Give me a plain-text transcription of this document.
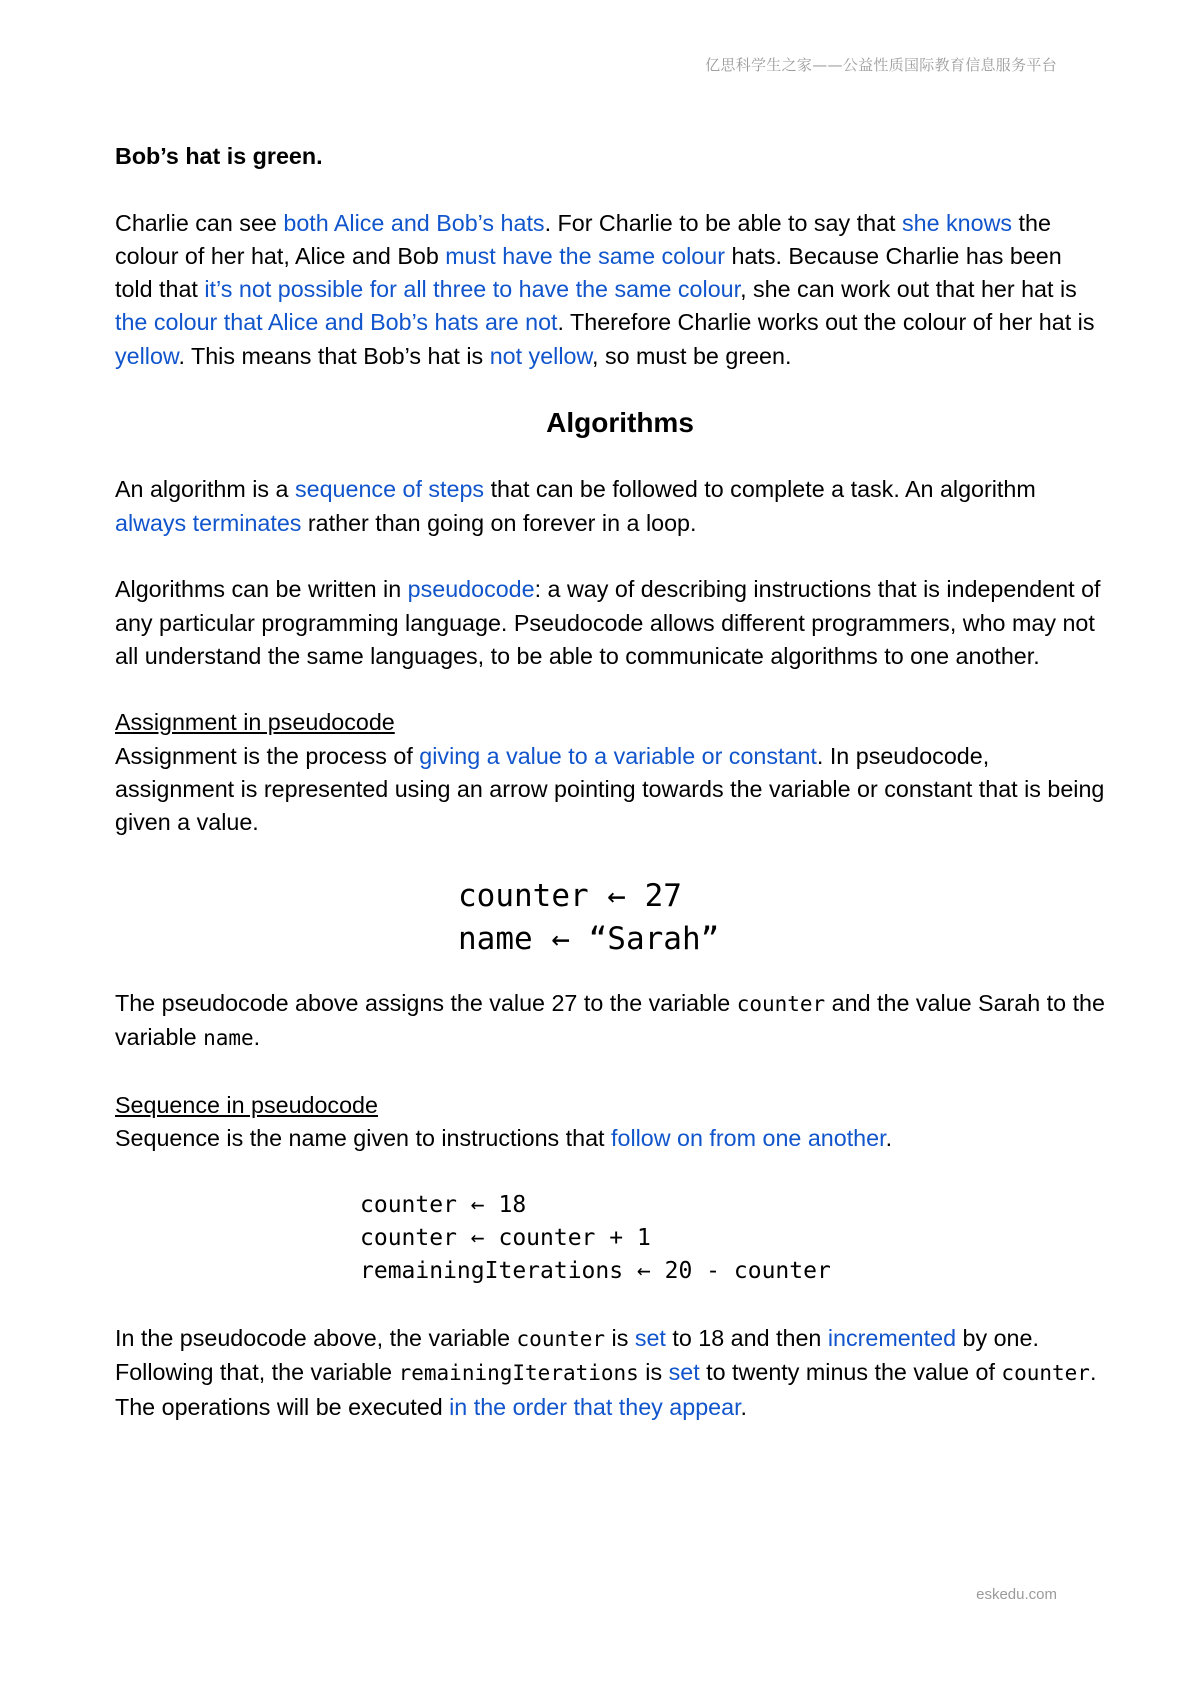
亿思科学生之家——公益性质国际教育信息服务平台

Bob’s hat is green.

Charlie can see both Alice and Bob’s hats. For Charlie to be able to say that she knows the colour of her hat, Alice and Bob must have the same colour hats. Because Charlie has been told that it’s not possible for all three to have the same colour, she can work out that her hat is the colour that Alice and Bob’s hats are not. Therefore Charlie works out the colour of her hat is yellow. This means that Bob’s hat is not yellow, so must be green.

Algorithms

An algorithm is a sequence of steps that can be followed to complete a task. An algorithm always terminates rather than going on forever in a loop.

Algorithms can be written in pseudocode: a way of describing instructions that is independent of any particular programming language. Pseudocode allows different programmers, who may not all understand the same languages, to be able to communicate algorithms to one another.

Assignment in pseudocode
Assignment is the process of giving a value to a variable or constant. In pseudocode, assignment is represented using an arrow pointing towards the variable or constant that is being given a value.

counter ← 27
name ← “Sarah”

The pseudocode above assigns the value 27 to the variable counter and the value Sarah to the variable name.

Sequence in pseudocode
Sequence is the name given to instructions that follow on from one another.

counter ← 18
counter ← counter + 1
remainingIterations ← 20 - counter

In the pseudocode above, the variable counter is set to 18 and then incremented by one. Following that, the variable remainingIterations is set to twenty minus the value of counter. The operations will be executed in the order that they appear.

eskedu.com
